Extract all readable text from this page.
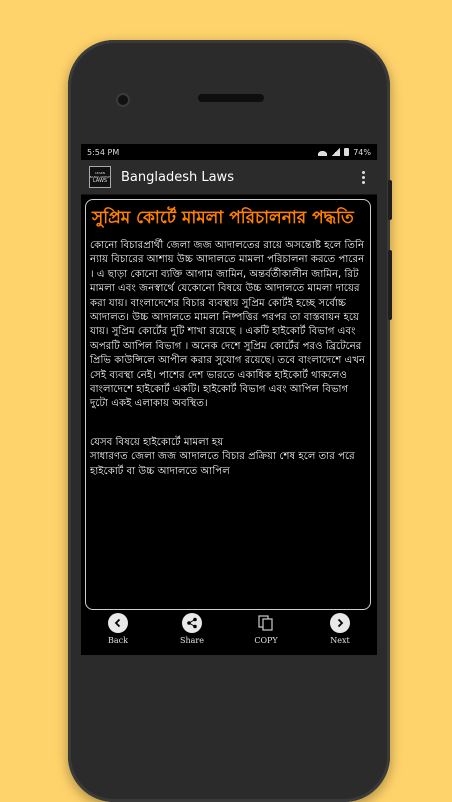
5:54 PM	74%
LEARN
BANGLADESH
LAWS Bangladesh Laws
সুপ্রিম কোর্টে মামলা পরিচালনার পদ্ধতি
কোনো বিচারপ্রার্থী জেলা জজ আদালতের রায়ে অসন্তোষ্ট হলে তিনি ন্যায় বিচারের আশায় উচ্চ আদালতে মামলা পরিচালনা করতে পারেন । এ ছাড়া কোনো ব্যক্তি আগাম জামিন, অন্তর্বর্তীকালীন জামিন, রিট মামলা এবং জনস্বার্থে যেকোনো বিষয়ে উচ্চ আদালতে মামলা দায়ের করা যায়। বাংলাদেশের বিচার ব্যবস্থায় সুপ্রিম কোর্টই হচ্ছে সর্বোচ্চ আদালত। উচ্চ আদালতে মামলা নিষ্পত্তির পরপর তা বাস্তবায়ন হয়ে যায়। সুপ্রিম কোর্টের দুটি শাখা রয়েছে । একটি হাইকোর্ট বিভাগ এবং অপরটি আপিল বিভাগ । অনেক দেশে সুপ্রিম কোর্টের পরও ব্রিটেনের প্রিভি কাউন্সিলে আপীল করার সুযোগ রয়েছে। তবে বাংলাদেশে এখন সেই ব্যবস্থা নেই। পাশের দেশ ভারতে একাধিক হাইকোর্ট থাকলেও বাংলাদেশে হাইকোর্ট একটি। হাইকোর্ট বিভাগ এবং আপিল বিভাগ দুটো একই এলাকায় অবস্থিত।
যেসব বিষয়ে হাইকোর্টে মামলা হয়
সাধারণত জেলা জজ আদালতে বিচার প্রক্রিয়া শেষ হলে তার পরে হাইকোর্ট বা উচ্চ আদালতে আপিল
Back	Share	COPY	Next
